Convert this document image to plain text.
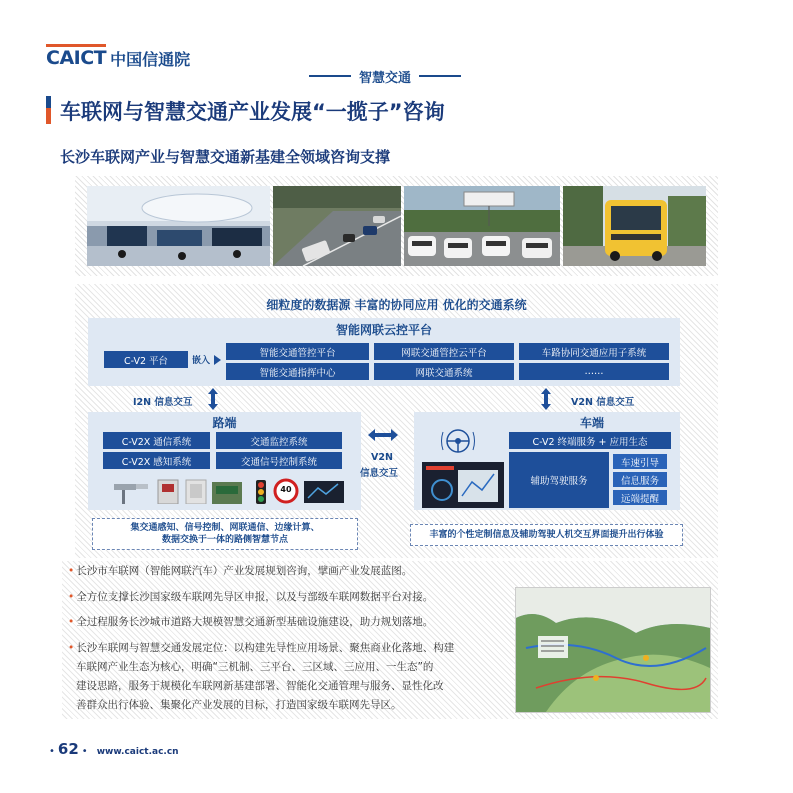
CAICT 中国信通院
智慧交通
车联网与智慧交通产业发展“一揽子”咨询
长沙车联网产业与智慧交通新基建全领域咨询支撑
细粒度的数据源 丰富的协同应用 优化的交通系统
智能网联云控平台
C-V2 平台	嵌入
智能交通管控平台	网联交通管控云平台	车路协同交通应用子系统
智能交通指挥中心	网联交通系统	……
I2N 信息交互	V2N 信息交互
路端
C-V2X 通信系统	交通监控系统
C-V2X 感知系统	交通信号控制系统
40
V2N
信息交互
车端
C-V2 终端服务 + 应用生态
辅助驾驶服务
车速引导
信息服务
远端提醒
集交通感知、信号控制、网联通信、边缘计算、
数据交换于一体的路侧智慧节点
丰富的个性定制信息及辅助驾驶人机交互界面提升出行体验
• 长沙市车联网（智能网联汽车）产业发展规划咨询，擘画产业发展蓝图。
• 全方位支撑长沙国家级车联网先导区申报，以及与部级车联网数据平台对接。
• 全过程服务长沙城市道路大规模智慧交通新型基础设施建设，助力规划落地。
• 长沙车联网与智慧交通发展定位：以构建先导性应用场景、聚焦商业化落地、构建
车联网产业生态为核心，明确“三机制、三平台、三区域、三应用、一生态”的
建设思路，服务于规模化车联网新基建部署、智能化交通管理与服务、显性化改
善群众出行体验、集聚化产业发展的目标，打造国家级车联网先导区。
• 62 • www.caict.ac.cn
